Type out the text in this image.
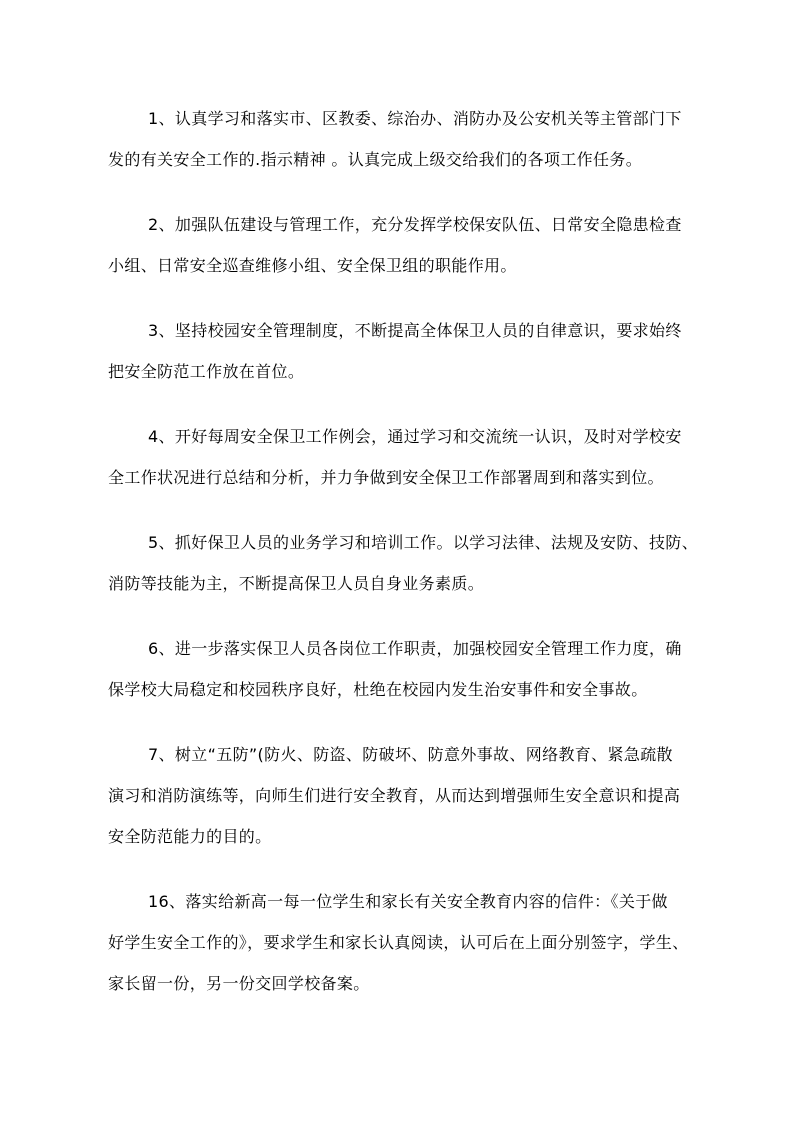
1、认真学习和落实市、区教委、综治办、消防办及公安机关等主管部门下
发的有关安全工作的.指示精神 。认真完成上级交给我们的各项工作任务。
2、加强队伍建设与管理工作，充分发挥学校保安队伍、日常安全隐患检查
小组、日常安全巡查维修小组、安全保卫组的职能作用。
3、坚持校园安全管理制度，不断提高全体保卫人员的自律意识，要求始终
把安全防范工作放在首位。
4、开好每周安全保卫工作例会，通过学习和交流统一认识，及时对学校安
全工作状况进行总结和分析，并力争做到安全保卫工作部署周到和落实到位。
5、抓好保卫人员的业务学习和培训工作。以学习法律、法规及安防、技防、
消防等技能为主，不断提高保卫人员自身业务素质。
6、进一步落实保卫人员各岗位工作职责，加强校园安全管理工作力度，确
保学校大局稳定和校园秩序良好，杜绝在校园内发生治安事件和安全事故。
7、树立“五防”(防火、防盗、防破坏、防意外事故、网络教育、紧急疏散
演习和消防演练等，向师生们进行安全教育，从而达到增强师生安全意识和提高
安全防范能力的目的。
16、落实给新高一每一位学生和家长有关安全教育内容的信件：《关于做
好学生安全工作的》，要求学生和家长认真阅读，认可后在上面分别签字，学生、
家长留一份，另一份交回学校备案。
